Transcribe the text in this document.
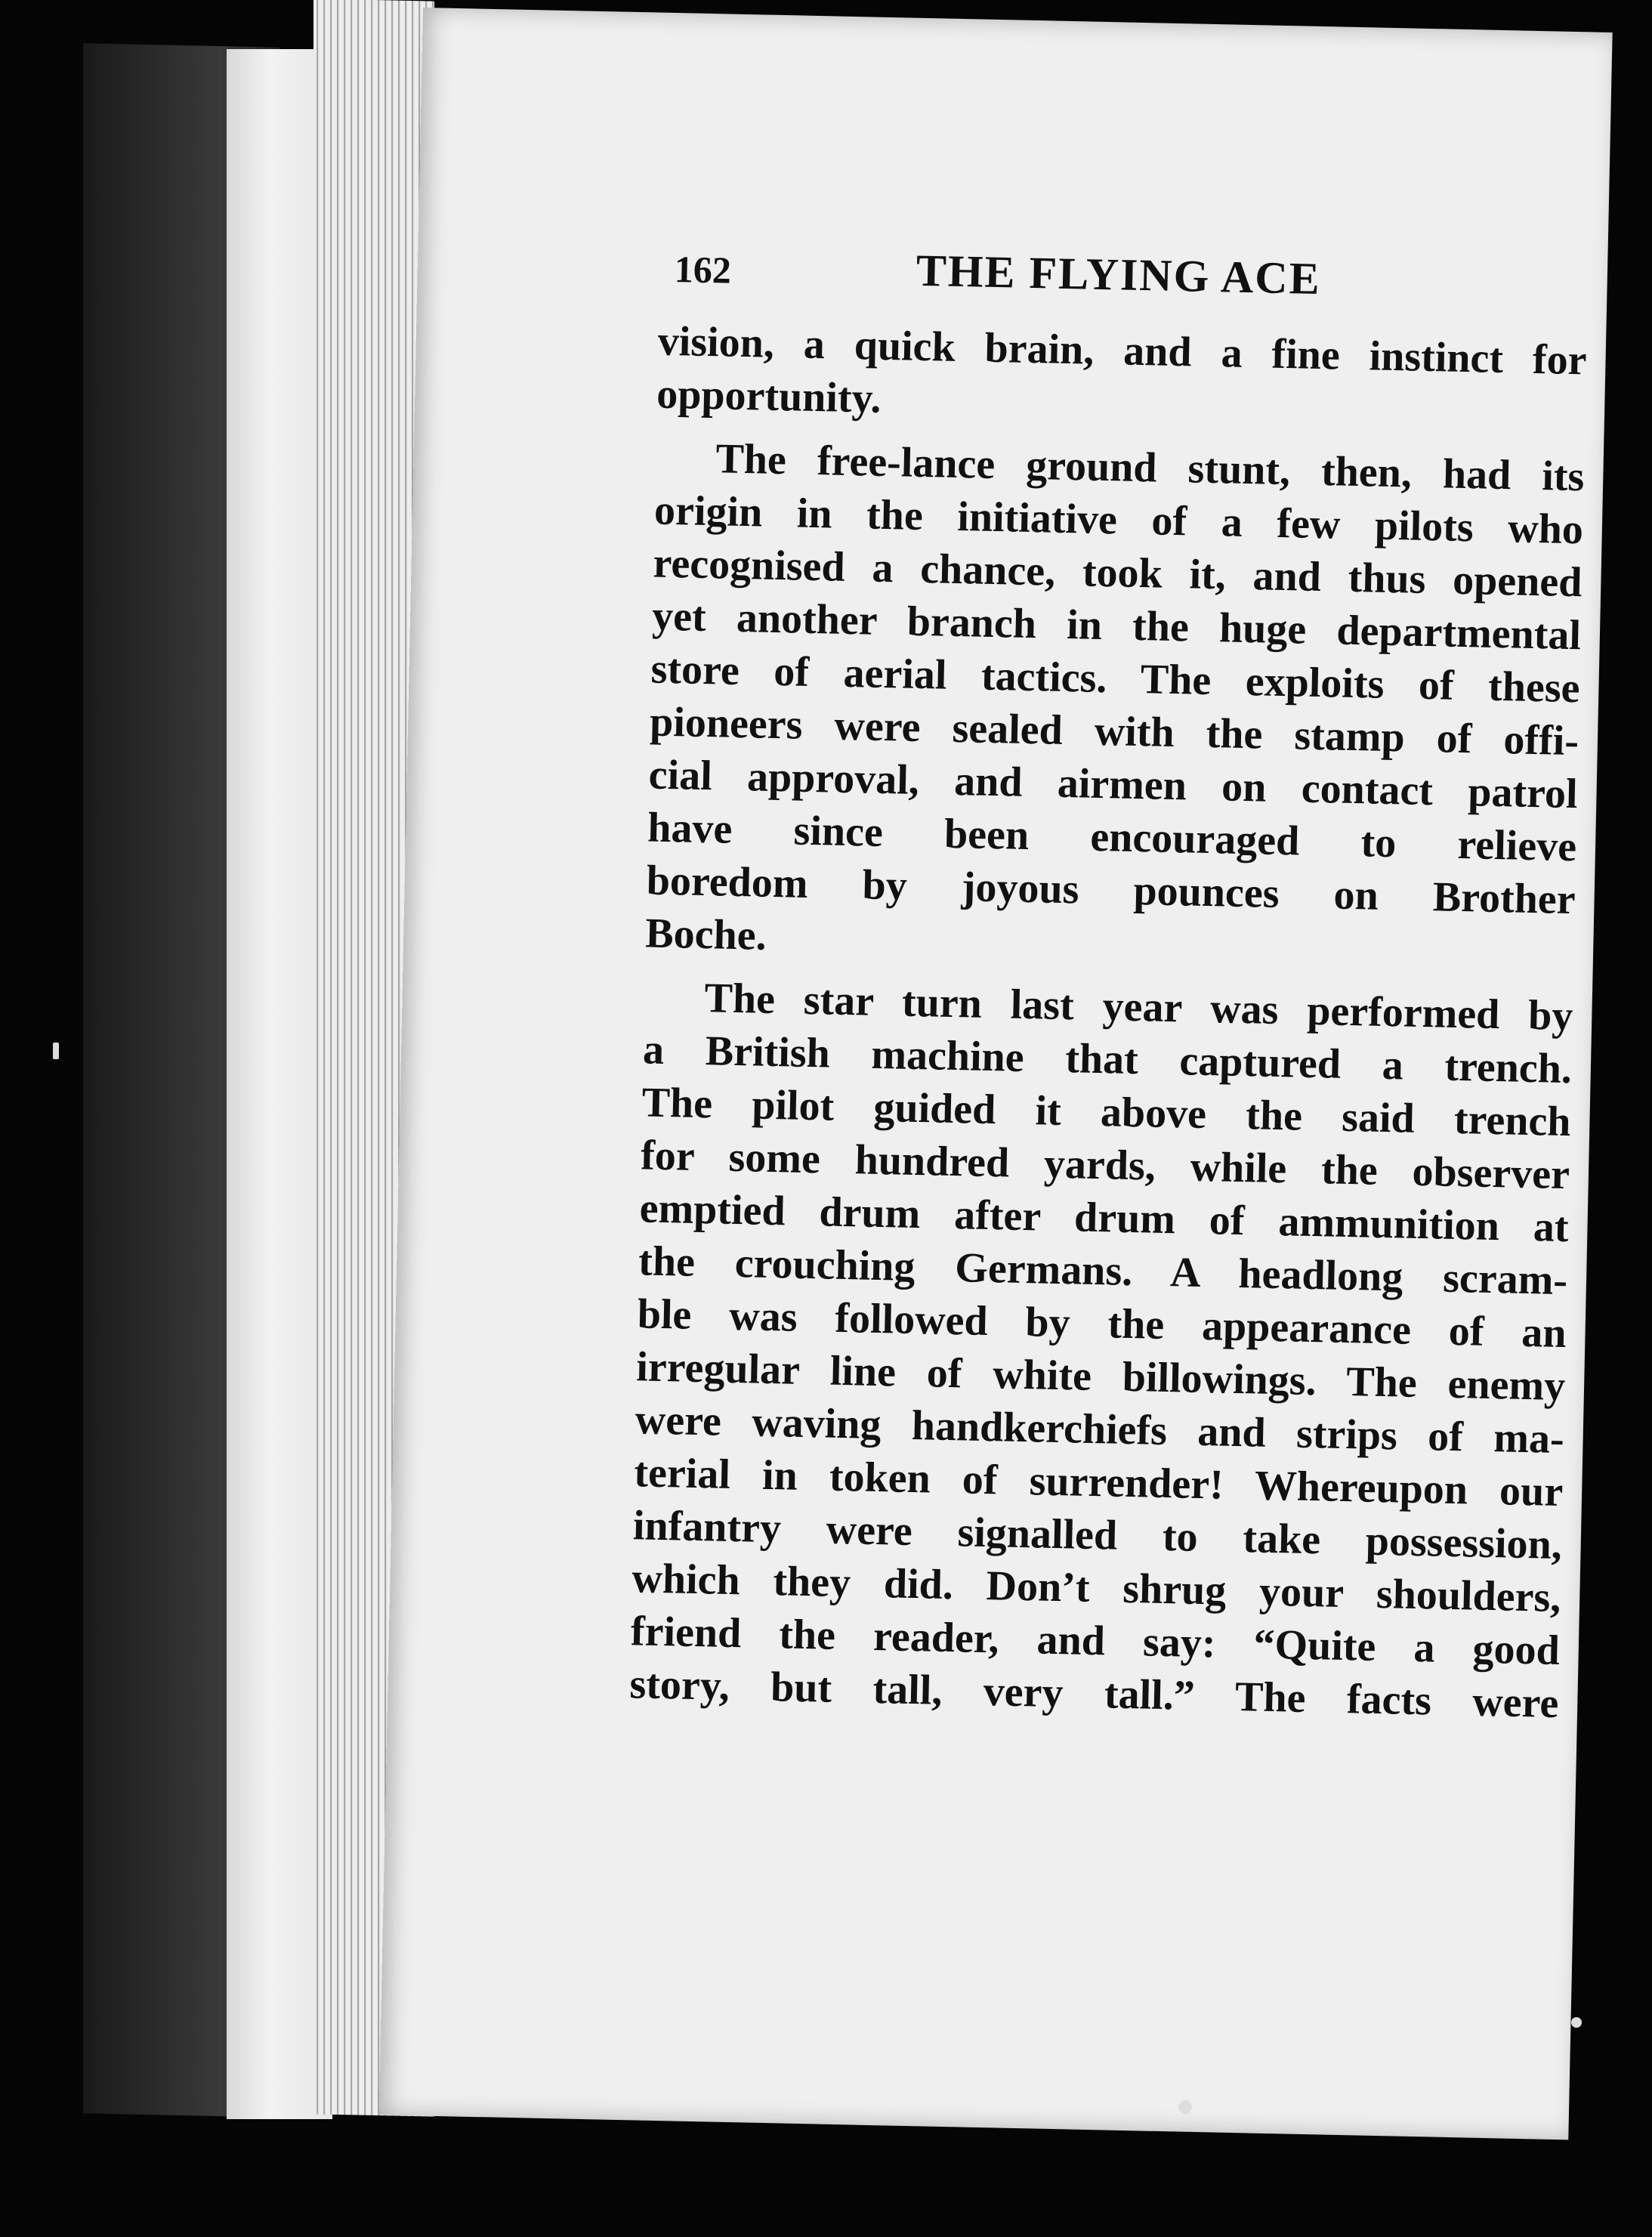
162	THE FLYING ACE
vision, a quick brain, and a fine instinct for
opportunity.
The free-lance ground stunt, then, had its
origin in the initiative of a few pilots who
recognised a chance, took it, and thus opened
yet another branch in the huge departmental
store of aerial tactics. The exploits of these
pioneers were sealed with the stamp of offi-
cial approval, and airmen on contact patrol
have since been encouraged to relieve
boredom by joyous pounces on Brother
Boche.
The star turn last year was performed by
a British machine that captured a trench.
The pilot guided it above the said trench
for some hundred yards, while the observer
emptied drum after drum of ammunition at
the crouching Germans. A headlong scram-
ble was followed by the appearance of an
irregular line of white billowings. The enemy
were waving handkerchiefs and strips of ma-
terial in token of surrender! Whereupon our
infantry were signalled to take possession,
which they did. Don’t shrug your shoulders,
friend the reader, and say: “Quite a good
story, but tall, very tall.” The facts were
